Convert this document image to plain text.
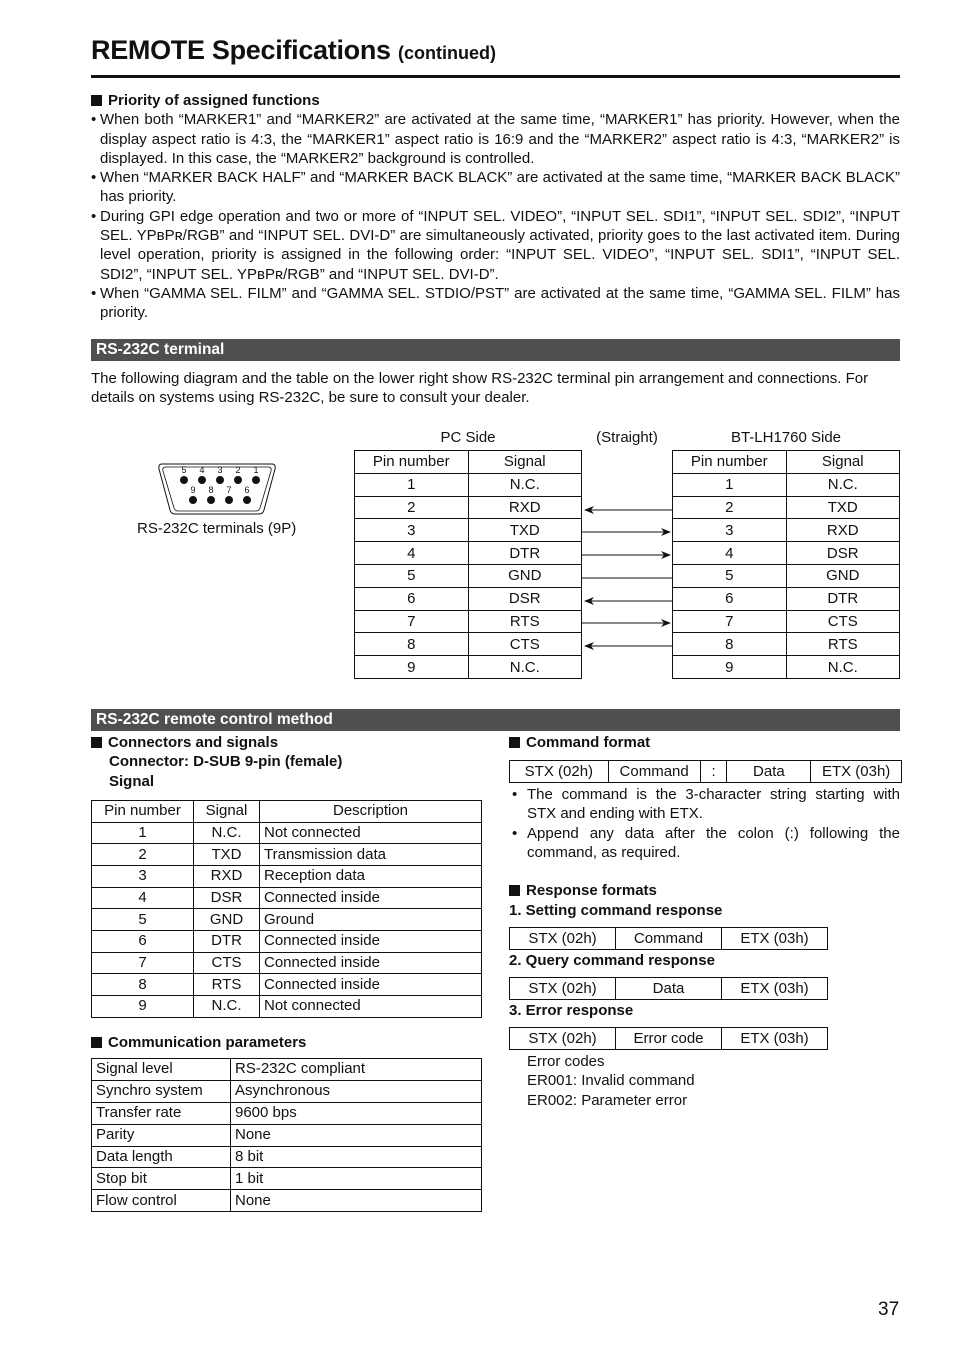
REMOTE Specifications (continued)
Priority of assigned functions
• When both “MARKER1” and “MARKER2” are activated at the same time, “MARKER1” has priority. However, when the display aspect ratio is 4:3, the “MARKER1” aspect ratio is 16:9 and the “MARKER2” aspect ratio is 4:3, “MARKER2” is displayed. In this case, the “MARKER2” background is controlled.
• When “MARKER BACK HALF” and “MARKER BACK BLACK” are activated at the same time, “MARKER BACK BLACK” has priority.
• During GPI edge operation and two or more of “INPUT SEL. VIDEO”, “INPUT SEL. SDI1”, “INPUT SEL. SDI2”, “INPUT SEL. YPʙPʀ/RGB” and “INPUT SEL. DVI-D” are simultaneously activated, priority goes to the last activated item. During level operation, priority is assigned in the following order: “INPUT SEL. VIDEO”, “INPUT SEL. SDI1”, “INPUT SEL. SDI2”, “INPUT SEL. YPʙPʀ/RGB” and “INPUT SEL. DVI-D”.
• When “GAMMA SEL. FILM” and “GAMMA SEL. STDIO/PST” are activated at the same time, “GAMMA SEL. FILM” has priority.
RS-232C terminal
The following diagram and the table on the lower right show RS-232C terminal pin arrangement and connections. For details on systems using RS-232C, be sure to consult your dealer.
5 4 3 2 1
9 8 7 6
RS-232C terminals (9P)
PC Side	(Straight)	BT-LH1760 Side
Pin number	Signal
1	N.C.
2	RXD
3	TXD
4	DTR
5	GND
6	DSR
7	RTS
8	CTS
9	N.C.
Pin number	Signal
1	N.C.
2	TXD
3	RXD
4	DSR
5	GND
6	DTR
7	CTS
8	RTS
9	N.C.
RS-232C remote control method
Connectors and signals
Connector: D-SUB 9-pin (female)
Signal
Pin number	Signal	Description
1	N.C.	Not connected
2	TXD	Transmission data
3	RXD	Reception data
4	DSR	Connected inside
5	GND	Ground
6	DTR	Connected inside
7	CTS	Connected inside
8	RTS	Connected inside
9	N.C.	Not connected
Communication parameters
Signal level	RS-232C compliant
Synchro system	Asynchronous
Transfer rate	9600 bps
Parity	None
Data length	8 bit
Stop bit	1 bit
Flow control	None
Command format
STX (02h)	Command	:	Data	ETX (03h)
• The command is the 3-character string starting with STX and ending with ETX.
• Append any data after the colon (:) following the command, as required.
Response formats
1. Setting command response
STX (02h)	Command	ETX (03h)
2. Query command response
STX (02h)	Data	ETX (03h)
3. Error response
STX (02h)	Error code	ETX (03h)
Error codes
ER001: Invalid command
ER002: Parameter error
37
